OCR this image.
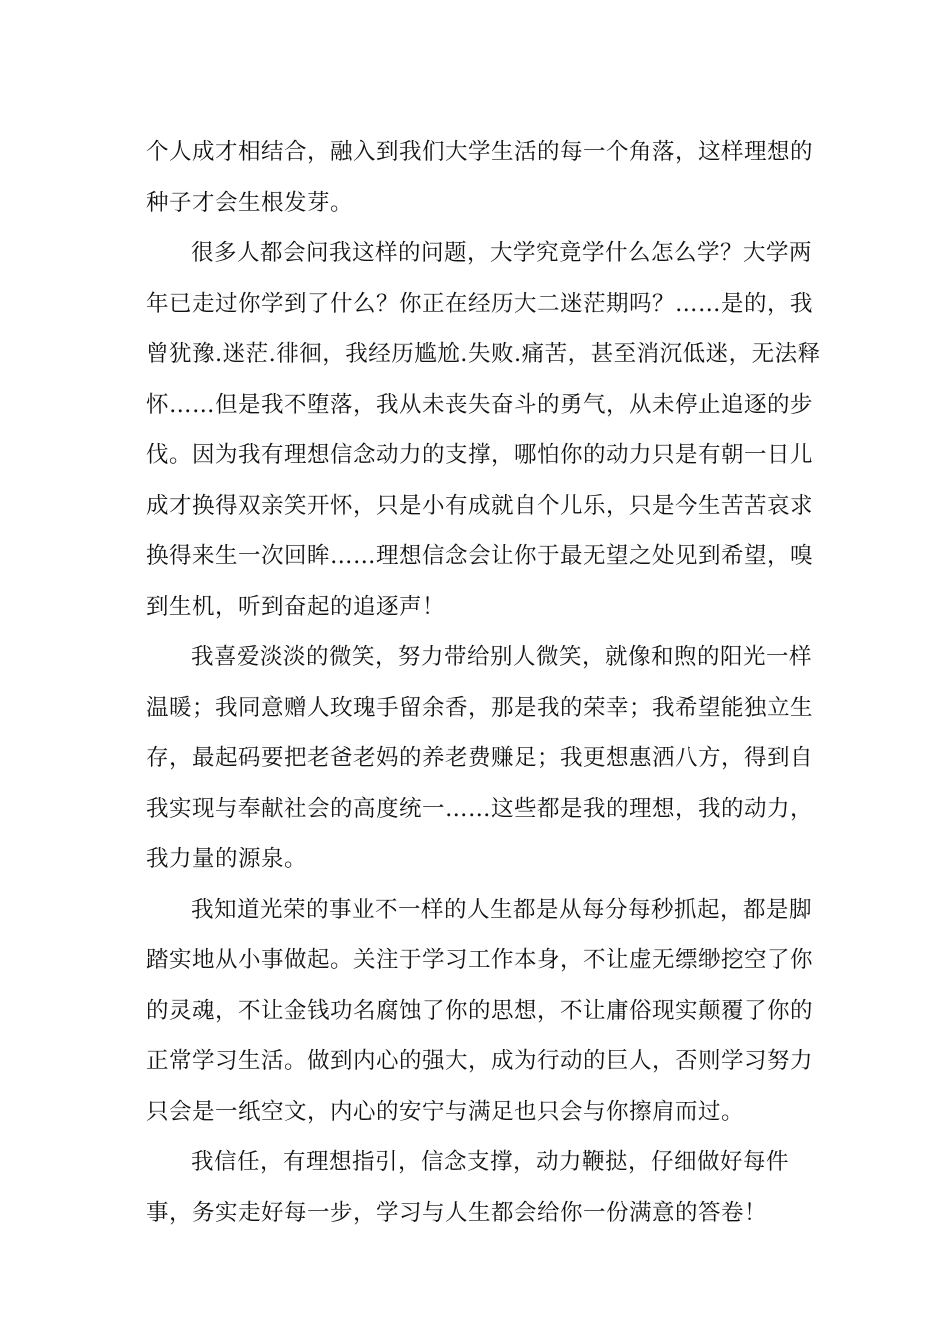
个人成才相结合，融入到我们大学生活的每一个角落，这样理想的种子才会生根发芽。

很多人都会问我这样的问题，大学究竟学什么怎么学？大学两年已走过你学到了什么？你正在经历大二迷茫期吗？……是的，我曾犹豫.迷茫.徘徊，我经历尴尬.失败.痛苦，甚至消沉低迷，无法释怀……但是我不堕落，我从未丧失奋斗的勇气，从未停止追逐的步伐。因为我有理想信念动力的支撑，哪怕你的动力只是有朝一日儿成才换得双亲笑开怀，只是小有成就自个儿乐，只是今生苦苦哀求换得来生一次回眸……理想信念会让你于最无望之处见到希望，嗅到生机，听到奋起的追逐声！

我喜爱淡淡的微笑，努力带给别人微笑，就像和煦的阳光一样温暖；我同意赠人玫瑰手留余香，那是我的荣幸；我希望能独立生存，最起码要把老爸老妈的养老费赚足；我更想惠洒八方，得到自我实现与奉献社会的高度统一……这些都是我的理想，我的动力，我力量的源泉。

我知道光荣的事业不一样的人生都是从每分每秒抓起，都是脚踏实地从小事做起。关注于学习工作本身，不让虚无缥缈挖空了你的灵魂，不让金钱功名腐蚀了你的思想，不让庸俗现实颠覆了你的正常学习生活。做到内心的强大，成为行动的巨人，否则学习努力只会是一纸空文，内心的安宁与满足也只会与你擦肩而过。

我信任，有理想指引，信念支撑，动力鞭挞，仔细做好每件事，务实走好每一步，学习与人生都会给你一份满意的答卷！
